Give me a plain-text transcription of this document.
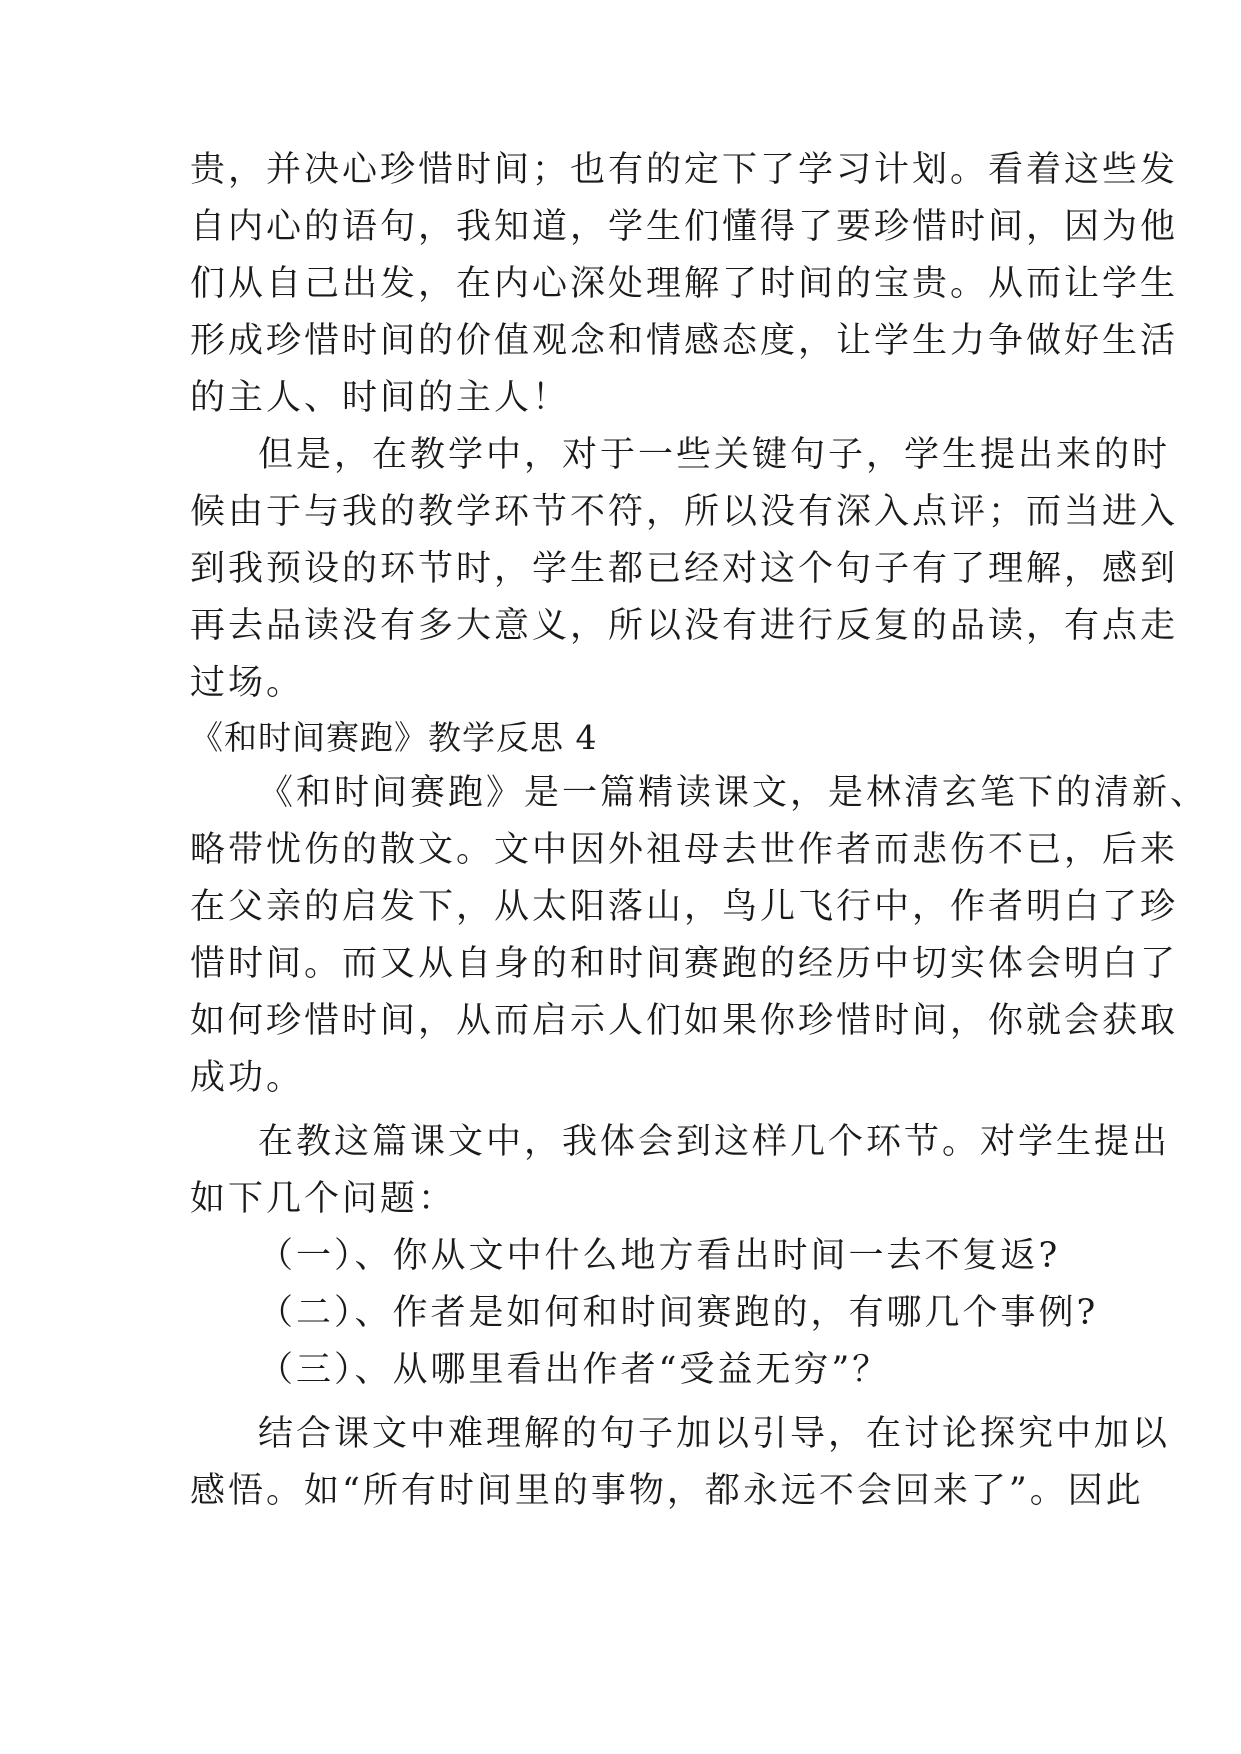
贵，并决心珍惜时间；也有的定下了学习计划。看着这些发
自内心的语句，我知道，学生们懂得了要珍惜时间，因为他
们从自己出发，在内心深处理解了时间的宝贵。从而让学生
形成珍惜时间的价值观念和情感态度，让学生力争做好生活
的主人、时间的主人！
但是，在教学中，对于一些关键句子，学生提出来的时
候由于与我的教学环节不符，所以没有深入点评；而当进入
到我预设的环节时，学生都已经对这个句子有了理解，感到
再去品读没有多大意义，所以没有进行反复的品读，有点走
过场。
《和时间赛跑》教学反思 4
《和时间赛跑》是一篇精读课文，是林清玄笔下的清新、
略带忧伤的散文。文中因外祖母去世作者而悲伤不已，后来
在父亲的启发下，从太阳落山，鸟儿飞行中，作者明白了珍
惜时间。而又从自身的和时间赛跑的经历中切实体会明白了
如何珍惜时间，从而启示人们如果你珍惜时间，你就会获取
成功。
在教这篇课文中，我体会到这样几个环节。对学生提出
如下几个问题：
（一）、你从文中什么地方看出时间一去不复返?
（二）、作者是如何和时间赛跑的，有哪几个事例?
（三）、从哪里看出作者“受益无穷”？
结合课文中难理解的句子加以引导，在讨论探究中加以
感悟。如“所有时间里的事物，都永远不会回来了”。因此
